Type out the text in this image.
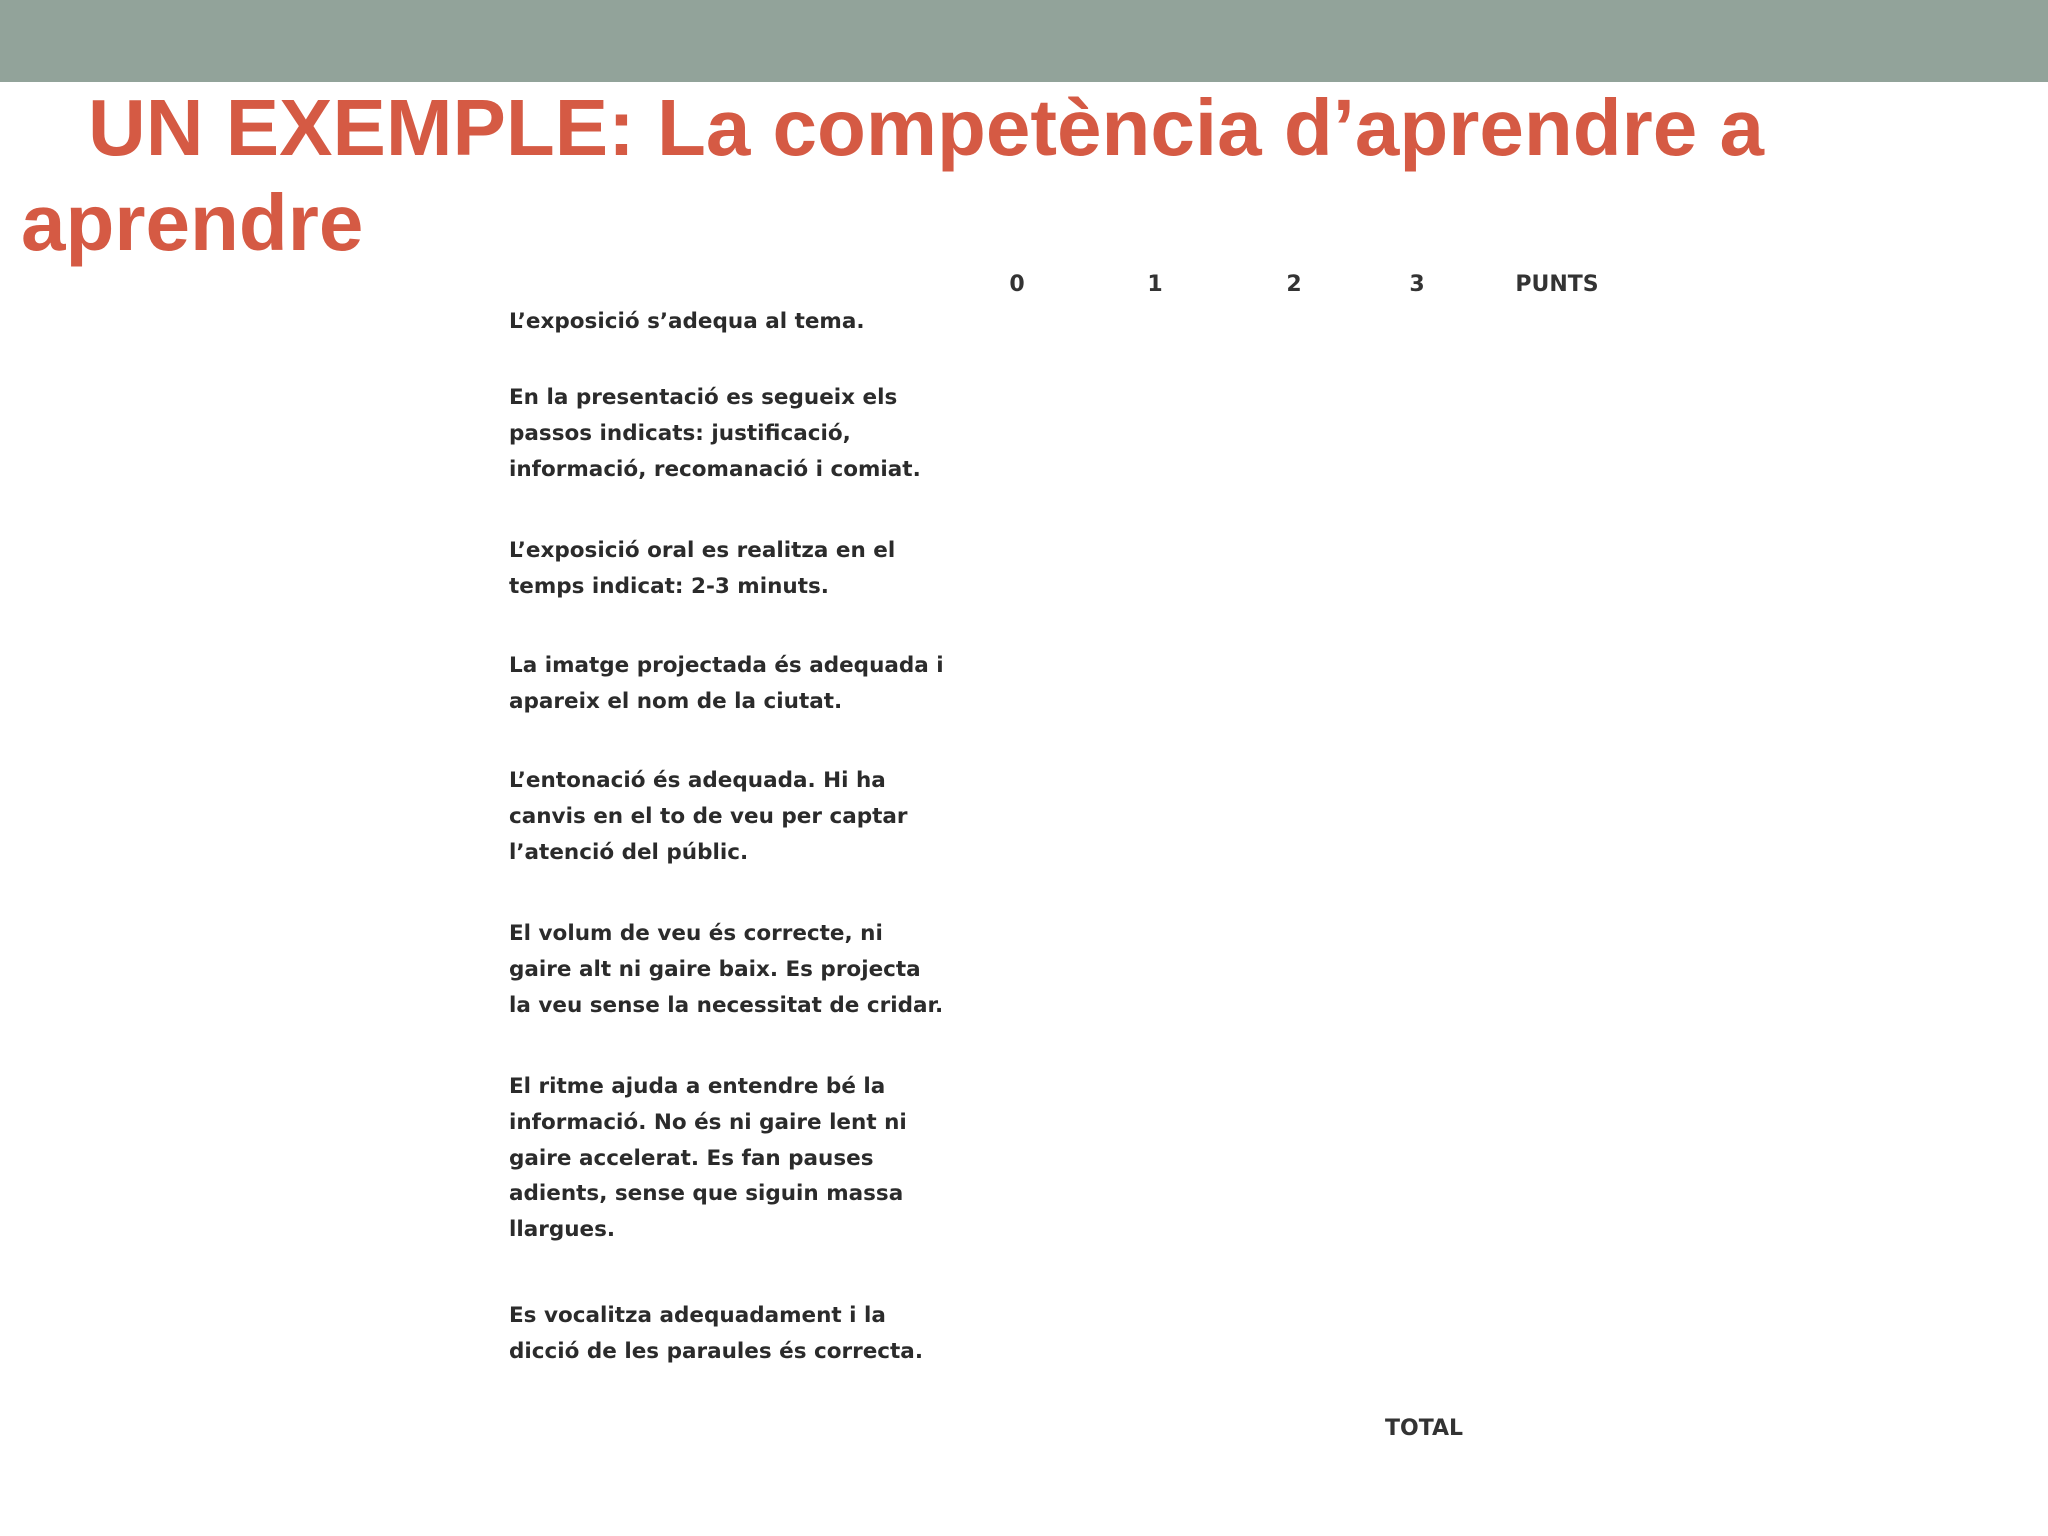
UN EXEMPLE: La competència d’aprendre a
aprendre
0	1	2	3	PUNTS

L’exposició s’adequa al tema.

En la presentació es segueix els passos indicats: justificació, informació, recomanació i comiat.

L’exposició oral es realitza en el temps indicat: 2-3 minuts.

La imatge projectada és adequada i apareix el nom de la ciutat.

L’entonació és adequada. Hi ha canvis en el to de veu per captar l’atenció del públic.

El volum de veu és correcte, ni gaire alt ni gaire baix. Es projecta la veu sense la necessitat de cridar.

El ritme ajuda a entendre bé la informació. No és ni gaire lent ni gaire accelerat. Es fan pauses adients, sense que siguin massa llargues.

Es vocalitza adequadament i la dicció de les paraules és correcta.

TOTAL
